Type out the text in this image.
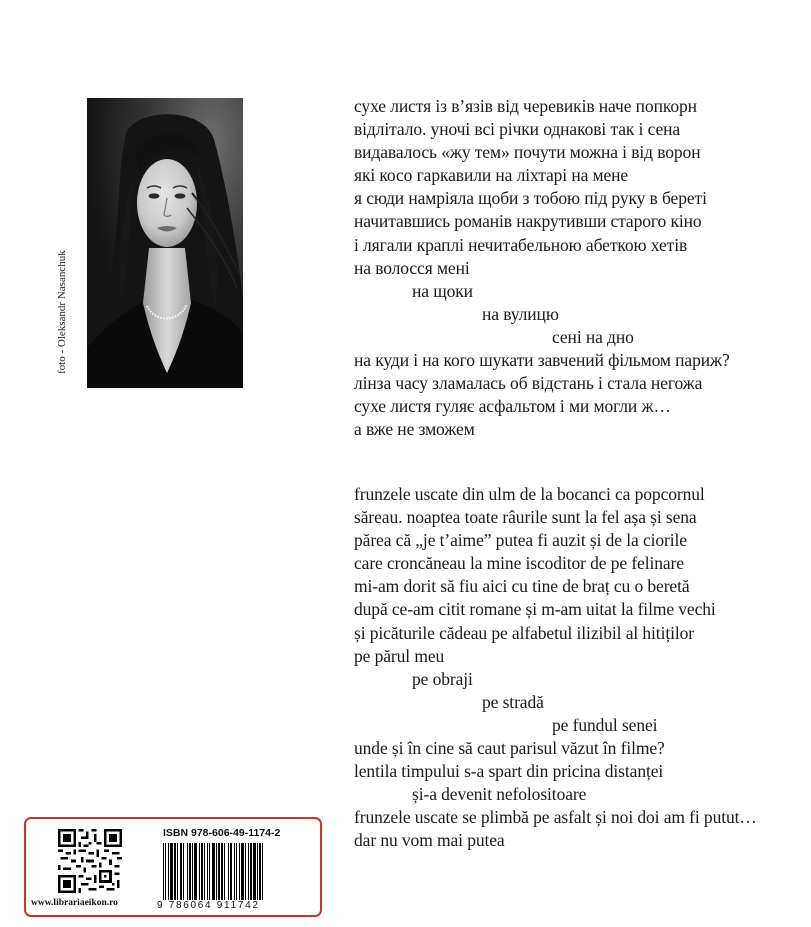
foto - Oleksandr Nasanchuk
сухе листя із в’язів від черевиків наче попкорн
відлітало. уночі всі річки однакові так і сена
видавалось «жу тем» почути можна і від ворон
які косо гаркавили на ліхтарі на мене
я сюди намріяла щоби з тобою під руку в береті
начитавшись романів накрутивши старого кіно
і лягали краплі нечитабельною абеткою хетів
на волосся мені
на щоки
на вулицю
сені на дно
на куди і на кого шукати завчений фільмом париж?
лінза часу зламалась об відстань і стала негожа
сухе листя гуляє асфальтом і ми могли ж…
а вже не зможем
frunzele uscate din ulm de la bocanci ca popcornul
săreau. noaptea toate râurile sunt la fel așa și sena
părea că „je t’aime” putea fi auzit și de la ciorile
care croncăneau la mine iscoditor de pe felinare
mi-am dorit să fiu aici cu tine de braț cu o beretă
după ce-am citit romane și m-am uitat la filme vechi
și picăturile cădeau pe alfabetul ilizibil al hitiților
pe părul meu
pe obraji
pe stradă
pe fundul senei
unde și în cine să caut parisul văzut în filme?
lentila timpului s-a spart din pricina distanței
și-a devenit nefolositoare
frunzele uscate se plimbă pe asfalt și noi doi am fi putut…
dar nu vom mai putea
www.librariaeikon.ro
ISBN 978-606-49-1174-2
9 786064 911742
